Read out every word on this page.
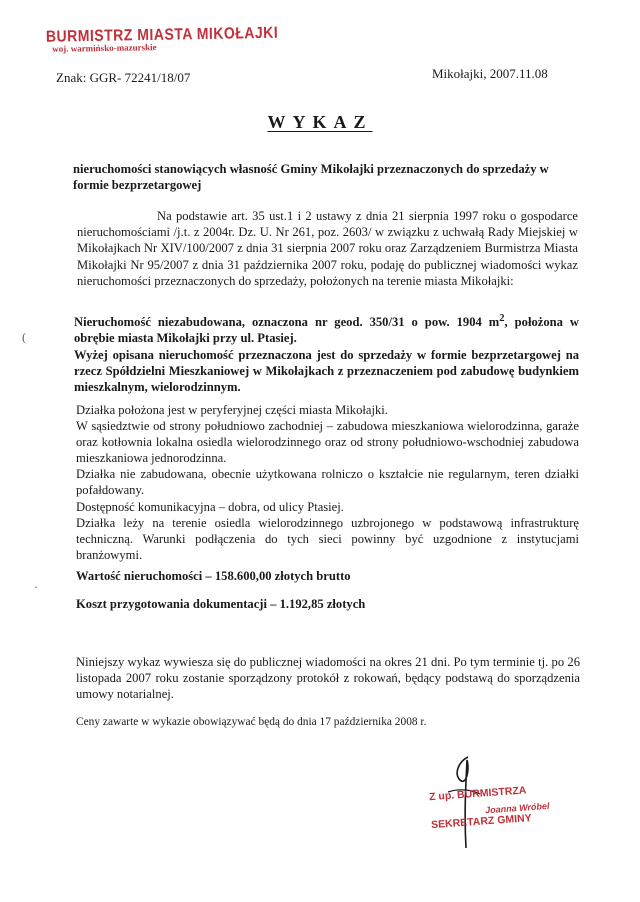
BURMISTRZ MIASTA MIKOŁAJKI
woj. warmińsko-mazurskie
Znak: GGR- 72241/18/07	Mikołajki, 2007.11.08
WYKAZ
nieruchomości stanowiących własność Gminy Mikołajki przeznaczonych do sprzedaży w formie bezprzetargowej
Na podstawie art. 35 ust.1 i 2 ustawy z dnia 21 sierpnia 1997 roku o gospodarce nieruchomościami /j.t. z 2004r. Dz. U. Nr 261, poz. 2603/ w związku z uchwałą Rady Miejskiej w Mikołajkach Nr XIV/100/2007 z dnia 31 sierpnia 2007 roku oraz Zarządzeniem Burmistrza Miasta Mikołajki Nr 95/2007 z dnia 31 października 2007 roku, podaję do publicznej wiadomości wykaz nieruchomości przeznaczonych do sprzedaży, położonych na terenie miasta Mikołajki:

Nieruchomość niezabudowana, oznaczona nr geod. 350/31 o pow. 1904 $m^2$, położona w obrębie miasta Mikołajki przy ul. Ptasiej.

Wyżej opisana nieruchomość przeznaczona jest do sprzedaży w formie bezprzetargowej na rzecz Spółdzielni Mieszkaniowej w Mikołajkach z przeznaczeniem pod zabudowę budynkiem mieszkalnym, wielorodzinnym.

Działka położona jest w peryferyjnej części miasta Mikołajki.

W sąsiedztwie od strony południowo zachodniej – zabudowa mieszkaniowa wielorodzinna, garaże oraz kotłownia lokalna osiedla wielorodzinnego oraz od strony południowo-wschodniej zabudowa mieszkaniowa jednorodzinna.

Działka nie zabudowana, obecnie użytkowana rolniczo o kształcie nie regularnym, teren działki pofałdowany.

Dostępność komunikacyjna – dobra, od ulicy Ptasiej.

Działka leży na terenie osiedla wielorodzinnego uzbrojonego w podstawową infrastrukturę techniczną. Warunki podłączenia do tych sieci powinny być uzgodnione z instytucjami branżowymi.

Wartość nieruchomości – 158.600,00 złotych brutto
Koszt przygotowania dokumentacji – 1.192,85 złotych
Niniejszy wykaz wywiesza się do publicznej wiadomości na okres 21 dni. Po tym terminie tj. po 26 listopada 2007 roku zostanie sporządzony protokół z rokowań, będący podstawą do sporządzenia umowy notarialnej.
Ceny zawarte w wykazie obowiązywać będą do dnia 17 października 2008 r.
Z up. BURMISTRZA
Joanna Wróbel
SEKRETARZ GMINY
(
·
